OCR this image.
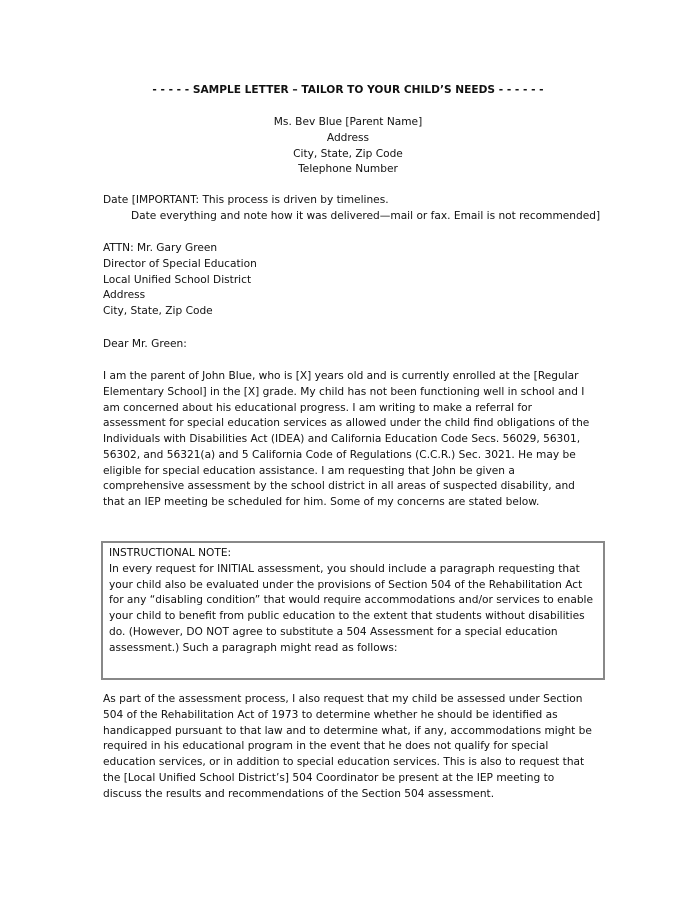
- - - - - SAMPLE LETTER – TAILOR TO YOUR CHILD’S NEEDS - - - - - -
Ms. Bev Blue [Parent Name]
Address
City, State, Zip Code
Telephone Number
Date [IMPORTANT: This process is driven by timelines.
Date everything and note how it was delivered—mail or fax. Email is not recommended]
ATTN: Mr. Gary Green
Director of Special Education
Local Unified School District
Address
City, State, Zip Code
Dear Mr. Green:
I am the parent of John Blue, who is [X] years old and is currently enrolled at the [Regular
Elementary School] in the [X] grade. My child has not been functioning well in school and I
am concerned about his educational progress. I am writing to make a referral for
assessment for special education services as allowed under the child find obligations of the
Individuals with Disabilities Act (IDEA) and California Education Code Secs. 56029, 56301,
56302, and 56321(a) and 5 California Code of Regulations (C.C.R.) Sec. 3021. He may be
eligible for special education assistance. I am requesting that John be given a
comprehensive assessment by the school district in all areas of suspected disability, and
that an IEP meeting be scheduled for him. Some of my concerns are stated below.
INSTRUCTIONAL NOTE:
In every request for INITIAL assessment, you should include a paragraph requesting that
your child also be evaluated under the provisions of Section 504 of the Rehabilitation Act
for any “disabling condition” that would require accommodations and/or services to enable
your child to benefit from public education to the extent that students without disabilities
do. (However, DO NOT agree to substitute a 504 Assessment for a special education
assessment.) Such a paragraph might read as follows:
As part of the assessment process, I also request that my child be assessed under Section
504 of the Rehabilitation Act of 1973 to determine whether he should be identified as
handicapped pursuant to that law and to determine what, if any, accommodations might be
required in his educational program in the event that he does not qualify for special
education services, or in addition to special education services. This is also to request that
the [Local Unified School District’s] 504 Coordinator be present at the IEP meeting to
discuss the results and recommendations of the Section 504 assessment.
